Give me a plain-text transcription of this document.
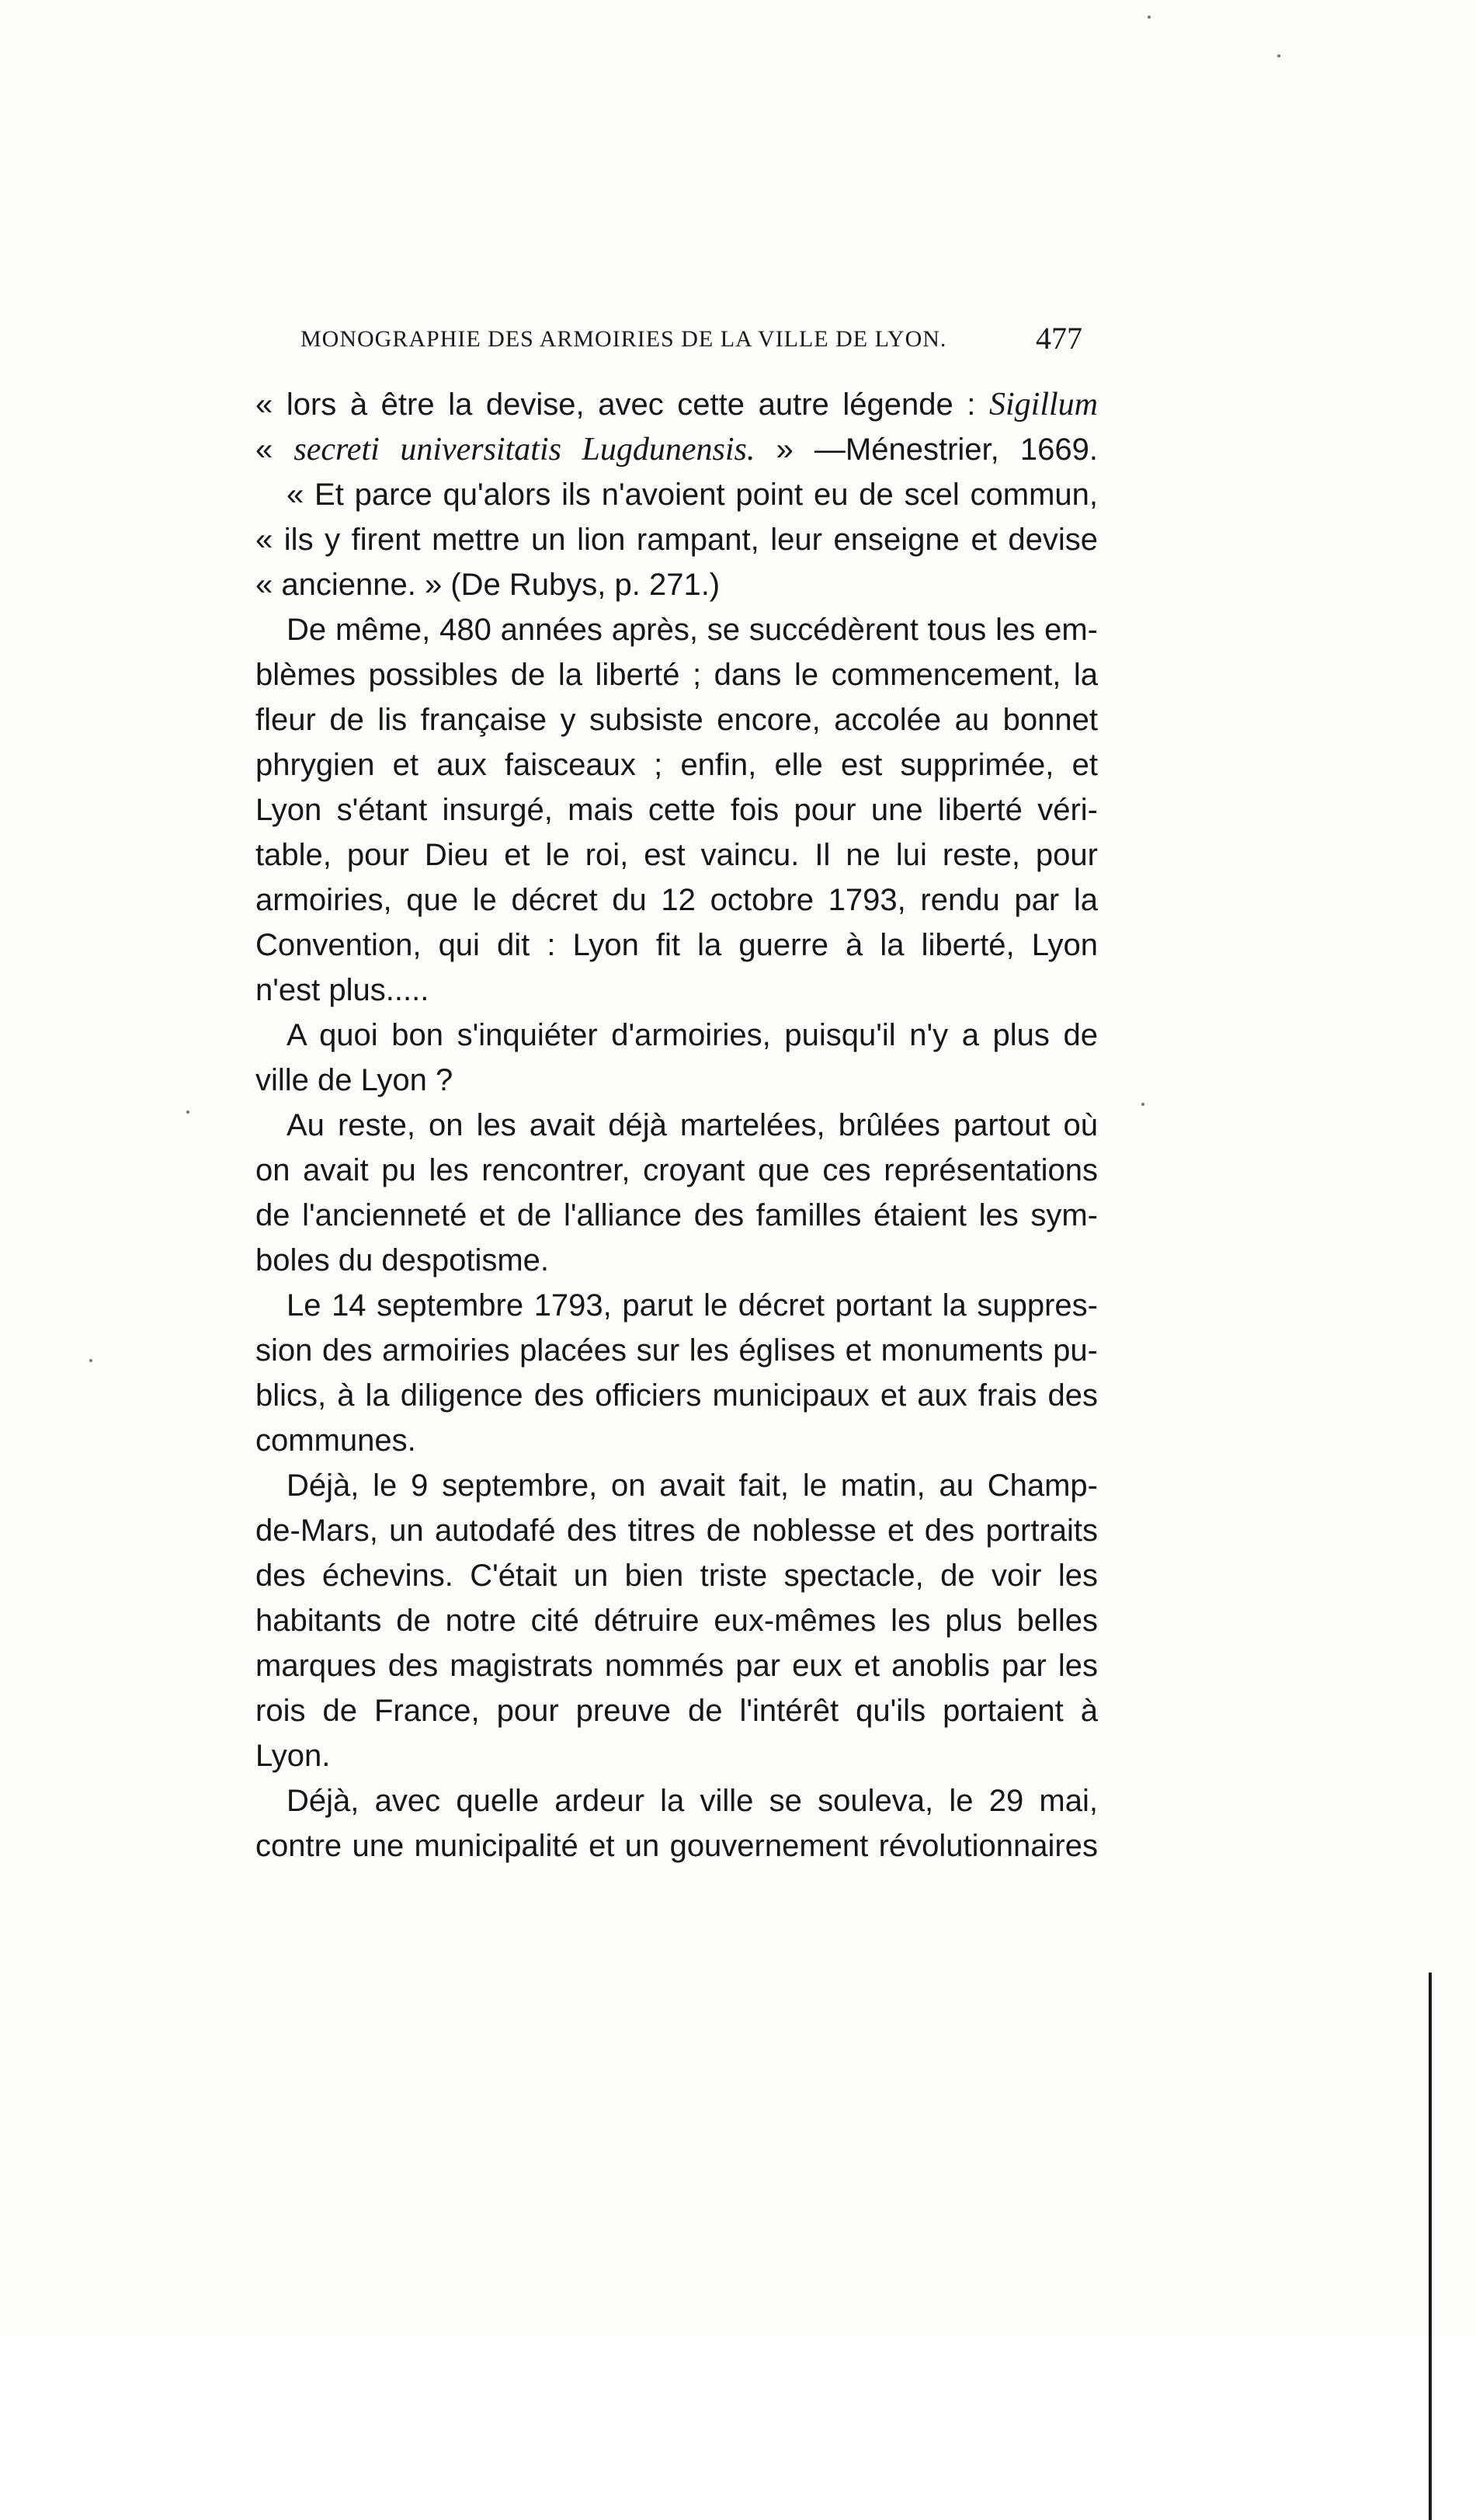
MONOGRAPHIE DES ARMOIRIES DE LA VILLE DE LYON.	477
« lors à être la devise, avec cette autre légende : Sigillum
« secreti universitatis Lugdunensis. » —Ménestrier, 1669.
« Et parce qu'alors ils n'avoient point eu de scel commun,
« ils y firent mettre un lion rampant, leur enseigne et devise
« ancienne. » (De Rubys, p. 271.)
De même, 480 années après, se succédèrent tous les em-
blèmes possibles de la liberté ; dans le commencement, la
fleur de lis française y subsiste encore, accolée au bonnet
phrygien et aux faisceaux ; enfin, elle est supprimée, et
Lyon s'étant insurgé, mais cette fois pour une liberté véri-
table, pour Dieu et le roi, est vaincu. Il ne lui reste, pour
armoiries, que le décret du 12 octobre 1793, rendu par la
Convention, qui dit : Lyon fit la guerre à la liberté, Lyon
n'est plus.....
A quoi bon s'inquiéter d'armoiries, puisqu'il n'y a plus de
ville de Lyon ?
Au reste, on les avait déjà martelées, brûlées partout où
on avait pu les rencontrer, croyant que ces représentations
de l'ancienneté et de l'alliance des familles étaient les sym-
boles du despotisme.
Le 14 septembre 1793, parut le décret portant la suppres-
sion des armoiries placées sur les églises et monuments pu-
blics, à la diligence des officiers municipaux et aux frais des
communes.
Déjà, le 9 septembre, on avait fait, le matin, au Champ-
de-Mars, un autodafé des titres de noblesse et des portraits
des échevins. C'était un bien triste spectacle, de voir les
habitants de notre cité détruire eux-mêmes les plus belles
marques des magistrats nommés par eux et anoblis par les
rois de France, pour preuve de l'intérêt qu'ils portaient à
Lyon.
Déjà, avec quelle ardeur la ville se souleva, le 29 mai,
contre une municipalité et un gouvernement révolutionnaires
